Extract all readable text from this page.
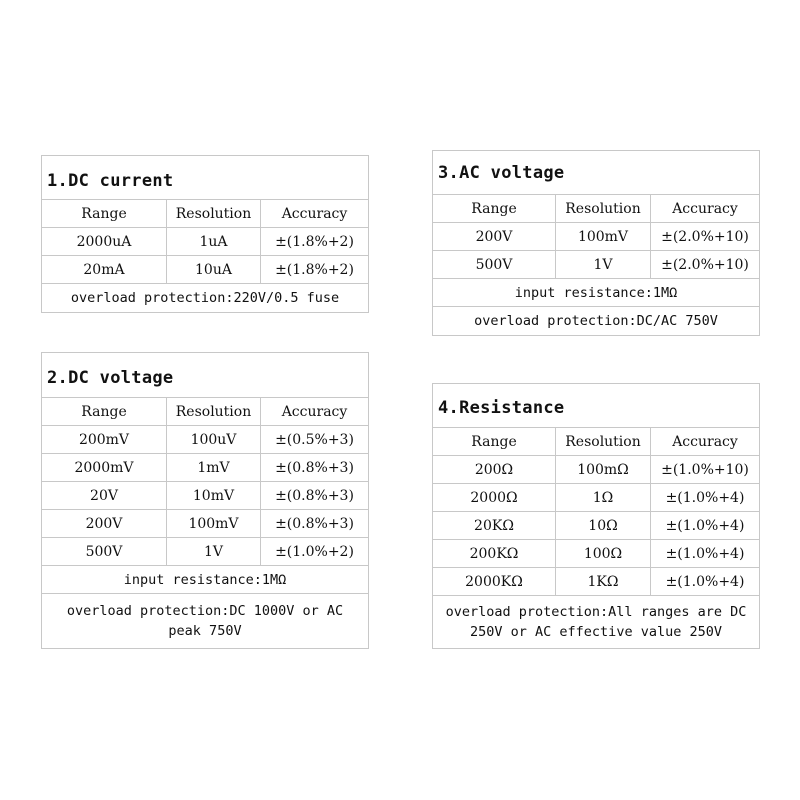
1.DC current
Range	Resolution	Accuracy
2000uA	1uA	±(1.8%+2)
20mA	10uA	±(1.8%+2)
overload protection:220V/0.5 fuse
2.DC voltage
Range	Resolution	Accuracy
200mV	100uV	±(0.5%+3)
2000mV	1mV	±(0.8%+3)
20V	10mV	±(0.8%+3)
200V	100mV	±(0.8%+3)
500V	1V	±(1.0%+2)
input resistance:1MΩ
overload protection:DC 1000V or AC peak 750V
3.AC voltage
Range	Resolution	Accuracy
200V	100mV	±(2.0%+10)
500V	1V	±(2.0%+10)
input resistance:1MΩ
overload protection:DC/AC 750V
4.Resistance
Range	Resolution	Accuracy
200Ω	100mΩ	±(1.0%+10)
2000Ω	1Ω	±(1.0%+4)
20KΩ	10Ω	±(1.0%+4)
200KΩ	100Ω	±(1.0%+4)
2000KΩ	1KΩ	±(1.0%+4)
overload protection:All ranges are DC 250V or AC effective value 250V
